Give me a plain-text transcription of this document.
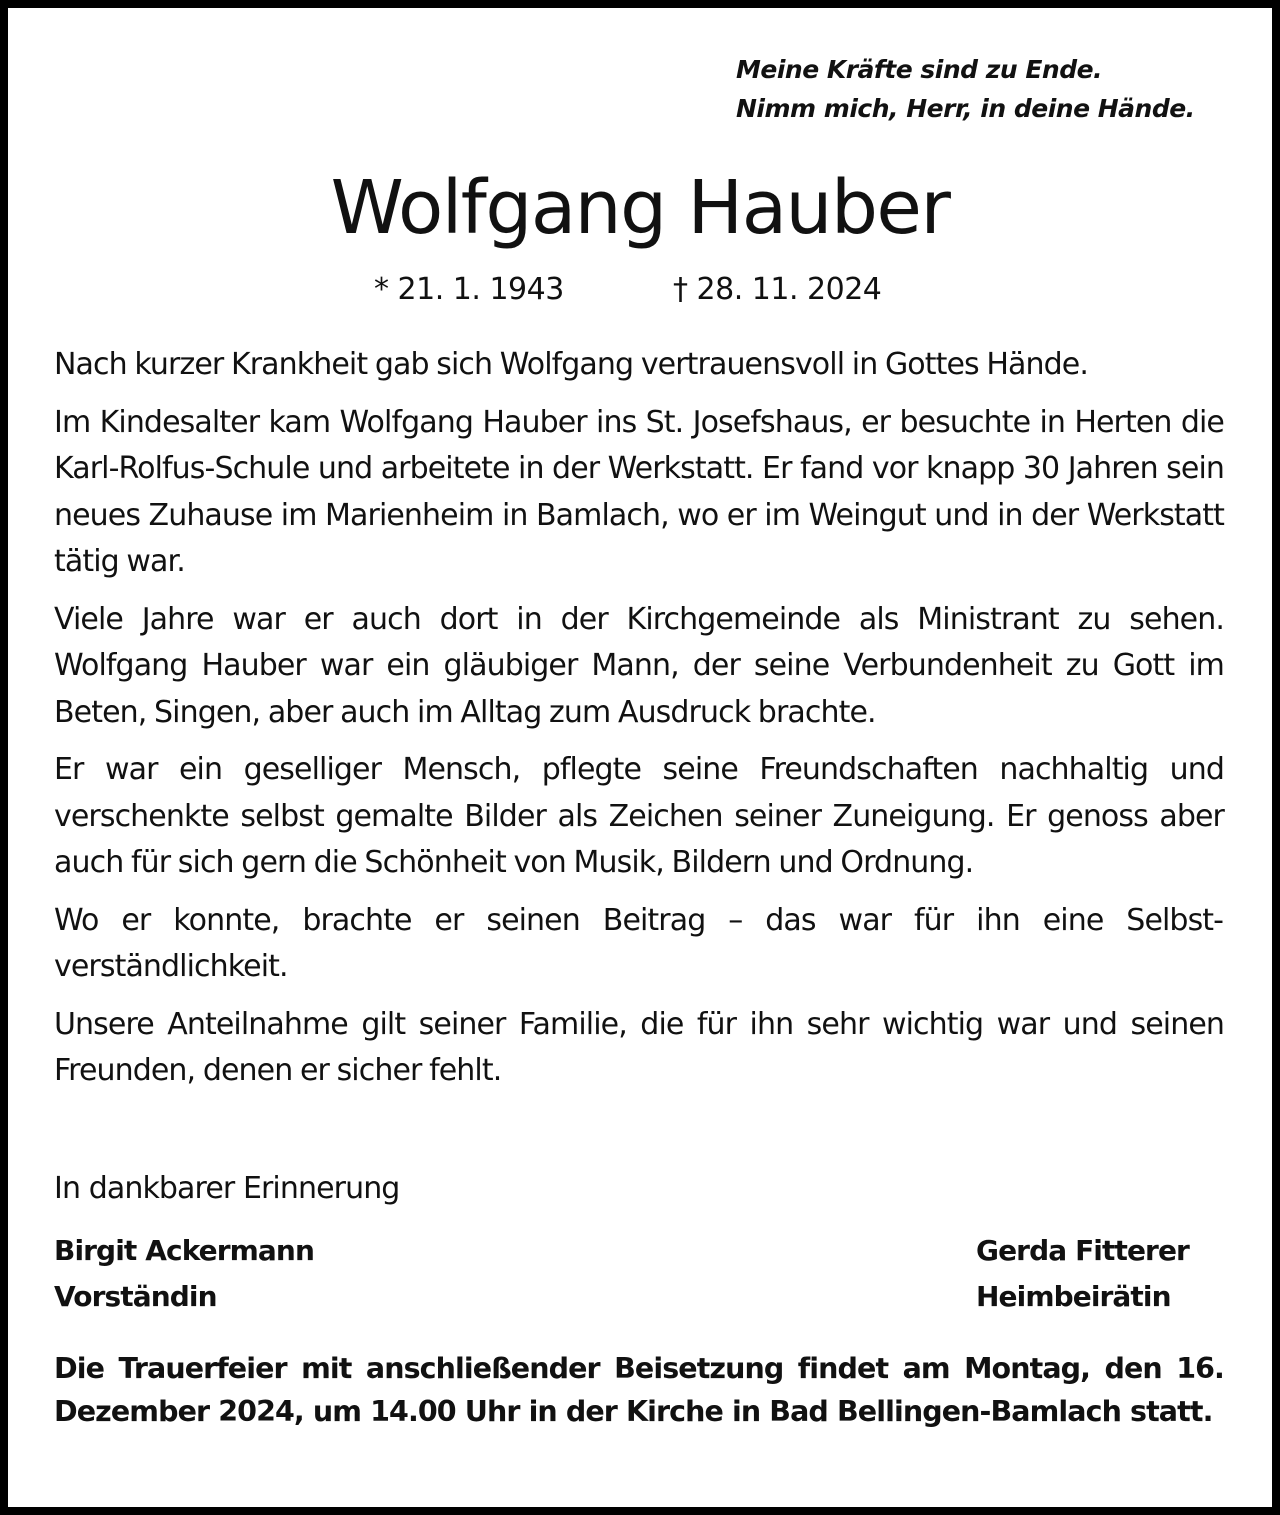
Meine Kräfte sind zu Ende.
Nimm mich, Herr, in deine Hände.
Wolfgang Hauber
* 21. 1. 1943	† 28. 11. 2024

Nach kurzer Krankheit gab sich Wolfgang vertrauensvoll in Gottes Hände.

Im Kindesalter kam Wolfgang Hauber ins St. Josefshaus, er besuchte in Herten die Karl-Rolfus-Schule und arbeitete in der Werkstatt. Er fand vor knapp 30 Jahren sein neues Zuhause im Marienheim in Bamlach, wo er im Weingut und in der Werkstatt tätig war.

Viele Jahre war er auch dort in der Kirchgemeinde als Ministrant zu sehen. Wolfgang Hauber war ein gläubiger Mann, der seine Verbundenheit zu Gott im Beten, Singen, aber auch im Alltag zum Ausdruck brachte.

Er war ein geselliger Mensch, pflegte seine Freundschaften nachhaltig und verschenkte selbst gemalte Bilder als Zeichen seiner Zuneigung. Er genoss aber auch für sich gern die Schönheit von Musik, Bildern und Ordnung.

Wo er konnte, brachte er seinen Beitrag – das war für ihn eine Selbstverständlichkeit.

Unsere Anteilnahme gilt seiner Familie, die für ihn sehr wichtig war und seinen Freunden, denen er sicher fehlt.

In dankbarer Erinnerung
Birgit Ackermann
Vorständin
Gerda Fitterer
Heimbeirätin
Die Trauerfeier mit anschließender Beisetzung findet am Montag, den 16. Dezember 2024, um 14.00 Uhr in der Kirche in Bad Bellingen-Bamlach statt.
